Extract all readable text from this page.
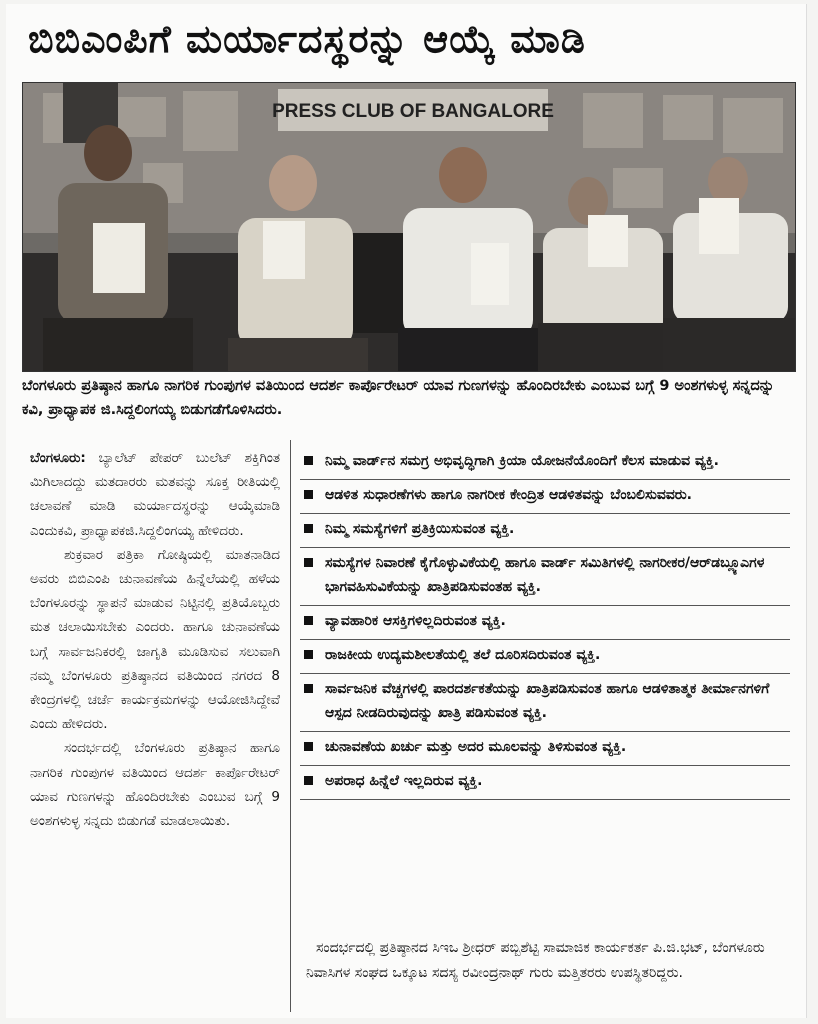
ಬಿಬಿಎಂಪಿಗೆ ಮರ್ಯಾದಸ್ಥರನ್ನು ಆಯ್ಕೆ ಮಾಡಿ
PRESS CLUB OF BANGALORE
ಬೆಂಗಳೂರು ಪ್ರತಿಷ್ಠಾನ ಹಾಗೂ ನಾಗರಿಕ ಗುಂಪುಗಳ ವತಿಯಿಂದ ಆದರ್ಶ ಕಾರ್ಪೊರೇಟರ್ ಯಾವ ಗುಣಗಳನ್ನು ಹೊಂದಿರಬೇಕು ಎಂಬುವ ಬಗ್ಗೆ 9 ಅಂಶಗಳುಳ್ಳ ಸನ್ನದನ್ನು ಕವಿ, ಪ್ರಾಧ್ಯಾಪಕ ಜಿ.ಸಿದ್ದಲಿಂಗಯ್ಯ ಬಿಡುಗಡೆಗೊಳಿಸಿದರು.

ಬೆಂಗಳೂರು: ಬ್ಯಾಲೆಟ್ ಪೇಪರ್ ಬುಲೆಟ್ ಶಕ್ತಿಗಿಂತ ಮಿಗಿಲಾದದ್ದು ಮತದಾರರು ಮತವನ್ನು ಸೂಕ್ತ ರೀತಿಯಲ್ಲಿ ಚಲಾವಣೆ ಮಾಡಿ ಮರ್ಯಾದಸ್ಥರನ್ನು ಆಯ್ಕೆಮಾಡಿ ಎಂದುಕವಿ, ಪ್ರಾಧ್ಯಾಪಕಜಿ.ಸಿದ್ದಲಿಂಗಯ್ಯ ಹೇಳಿದರು.

ಶುಕ್ರವಾರ ಪತ್ರಿಕಾ ಗೋಷ್ಠಿಯಲ್ಲಿ ಮಾತನಾಡಿದ ಅವರು ಬಿಬಿಎಂಪಿ ಚುನಾವಣೆಯ ಹಿನ್ನೆಲೆಯಲ್ಲಿ ಹಳೆಯ ಬೆಂಗಳೂರನ್ನು ಸ್ಥಾಪನೆ ಮಾಡುವ ನಿಟ್ಟಿನಲ್ಲಿ ಪ್ರತಿಯೊಬ್ಬರು ಮತ ಚಲಾಯಿಸಬೇಕು ಎಂದರು. ಹಾಗೂ ಚುನಾವಣೆಯ ಬಗ್ಗೆ ಸಾರ್ವಜನಿಕರಲ್ಲಿ ಜಾಗೃತಿ ಮೂಡಿಸುವ ಸಲುವಾಗಿ ನಮ್ಮ ಬೆಂಗಳೂರು ಪ್ರತಿಷ್ಠಾನದ ವತಿಯಿಂದ ನಗರದ 8 ಕೇಂದ್ರಗಳಲ್ಲಿ ಚರ್ಚೆ ಕಾರ್ಯಕ್ರಮಗಳನ್ನು ಆಯೋಜಿಸಿದ್ದೇವೆ ಎಂದು ಹೇಳಿದರು.

ಸಂದರ್ಭದಲ್ಲಿ ಬೆಂಗಳೂರು ಪ್ರತಿಷ್ಠಾನ ಹಾಗೂ ನಾಗರಿಕ ಗುಂಪುಗಳ ವತಿಯಿಂದ ಆದರ್ಶ ಕಾರ್ಪೊರೇಟರ್ ಯಾವ ಗುಣಗಳನ್ನು ಹೊಂದಿರಬೇಕು ಎಂಬುವ ಬಗ್ಗೆ 9 ಅಂಶಗಳುಳ್ಳ ಸನ್ನದು ಬಿಡುಗಡೆ ಮಾಡಲಾಯಿತು.

ನಿಮ್ಮ ವಾರ್ಡ್‌ನ ಸಮಗ್ರ ಅಭಿವೃದ್ಧಿಗಾಗಿ ಕ್ರಿಯಾ ಯೋಜನೆಯೊಂದಿಗೆ ಕೆಲಸ ಮಾಡುವ ವ್ಯಕ್ತಿ.
ಆಡಳಿತ ಸುಧಾರಣೆಗಳು ಹಾಗೂ ನಾಗರೀಕ ಕೇಂದ್ರಿತ ಆಡಳಿತವನ್ನು ಬೆಂಬಲಿಸುವವರು.
ನಿಮ್ಮ ಸಮಸ್ಯೆಗಳಿಗೆ ಪ್ರತಿಕ್ರಿಯಿಸುವಂತ ವ್ಯಕ್ತಿ.
ಸಮಸ್ಯೆಗಳ ನಿವಾರಣೆ ಕೈಗೊಳ್ಳುವಿಕೆಯಲ್ಲಿ ಹಾಗೂ ವಾರ್ಡ್ ಸಮಿತಿಗಳಲ್ಲಿ ನಾಗರೀಕರ/ಆರ್‌ಡಬ್ಲ್ಯೂಎಗಳ ಭಾಗವಹಿಸುವಿಕೆಯನ್ನು ಖಾತ್ರಿಪಡಿಸುವಂತಹ ವ್ಯಕ್ತಿ.
ವ್ಯಾವಹಾರಿಕ ಆಸಕ್ತಿಗಳಿಲ್ಲದಿರುವಂತ ವ್ಯಕ್ತಿ.
ರಾಜಕೀಯ ಉದ್ಯಮಶೀಲತೆಯಲ್ಲಿ ತಲೆ ದೂರಿಸದಿರುವಂತ ವ್ಯಕ್ತಿ.
ಸಾರ್ವಜನಿಕ ವೆಚ್ಚಗಳಲ್ಲಿ ಪಾರದರ್ಶಕತೆಯನ್ನು ಖಾತ್ರಿಪಡಿಸುವಂತ ಹಾಗೂ ಆಡಳಿತಾತ್ಮಕ ತೀರ್ಮಾನಗಳಿಗೆ ಆಸ್ಪದ ನೀಡದಿರುವುದನ್ನು ಖಾತ್ರಿ ಪಡಿಸುವಂತ ವ್ಯಕ್ತಿ.
ಚುನಾವಣೆಯ ಖರ್ಚು ಮತ್ತು ಅದರ ಮೂಲವನ್ನು ತಿಳಿಸುವಂತ ವ್ಯಕ್ತಿ.
ಅಪರಾಧ ಹಿನ್ನೆಲೆ ಇಲ್ಲದಿರುವ ವ್ಯಕ್ತಿ.
ಸಂದರ್ಭದಲ್ಲಿ ಪ್ರತಿಷ್ಠಾನದ ಸಿಇಒ ಶ್ರೀಧರ್ ಪಬ್ಬಿಶೆಟ್ಟಿ ಸಾಮಾಜಿಕ ಕಾರ್ಯಕರ್ತ ಪಿ.ಜಿ.ಭಟ್, ಬೆಂಗಳೂರು ನಿವಾಸಿಗಳ ಸಂಘದ ಒಕ್ಕೂಟ ಸದಸ್ಯ ರವೀಂದ್ರನಾಥ್ ಗುರು ಮತ್ತಿತರರು ಉಪಸ್ಥಿತರಿದ್ದರು.
